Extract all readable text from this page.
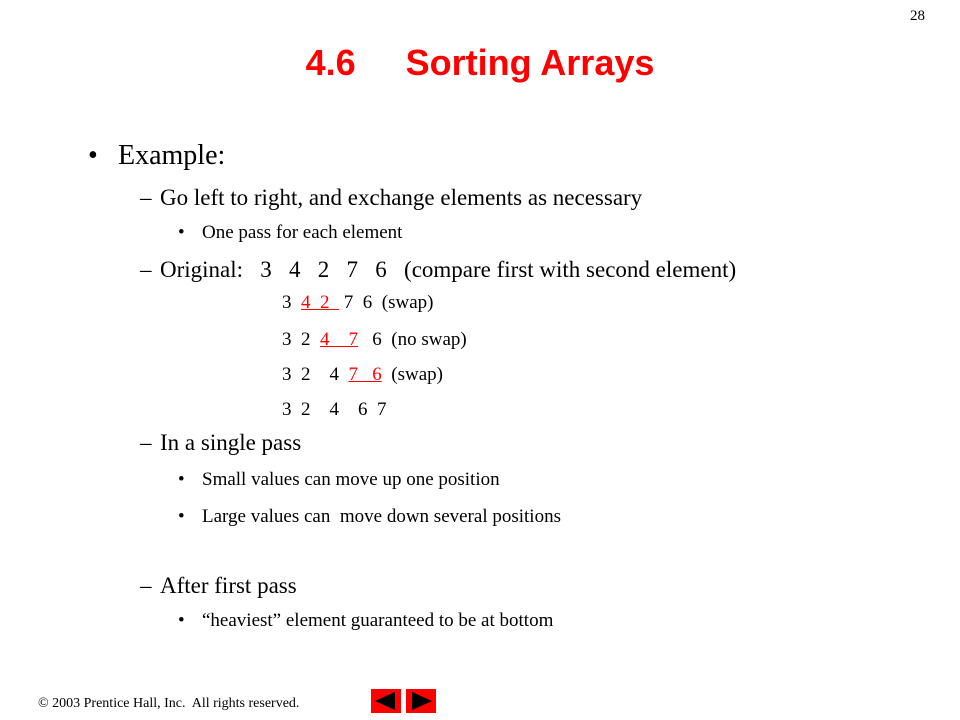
28
4.6     Sorting Arrays
• Example:
– Go left to right, and exchange elements as necessary
• One pass for each element
– Original:   3   4   2   7   6   (compare first with second element)
3  4  2   7  6  (swap)
3  2  4    7   6  (no swap)
3  2    4  7   6  (swap)
3  2    4    6  7
– In a single pass
• Small values can move up one position
• Large values can  move down several positions
– After first pass
• “heaviest” element guaranteed to be at bottom
© 2003 Prentice Hall, Inc.  All rights reserved.
